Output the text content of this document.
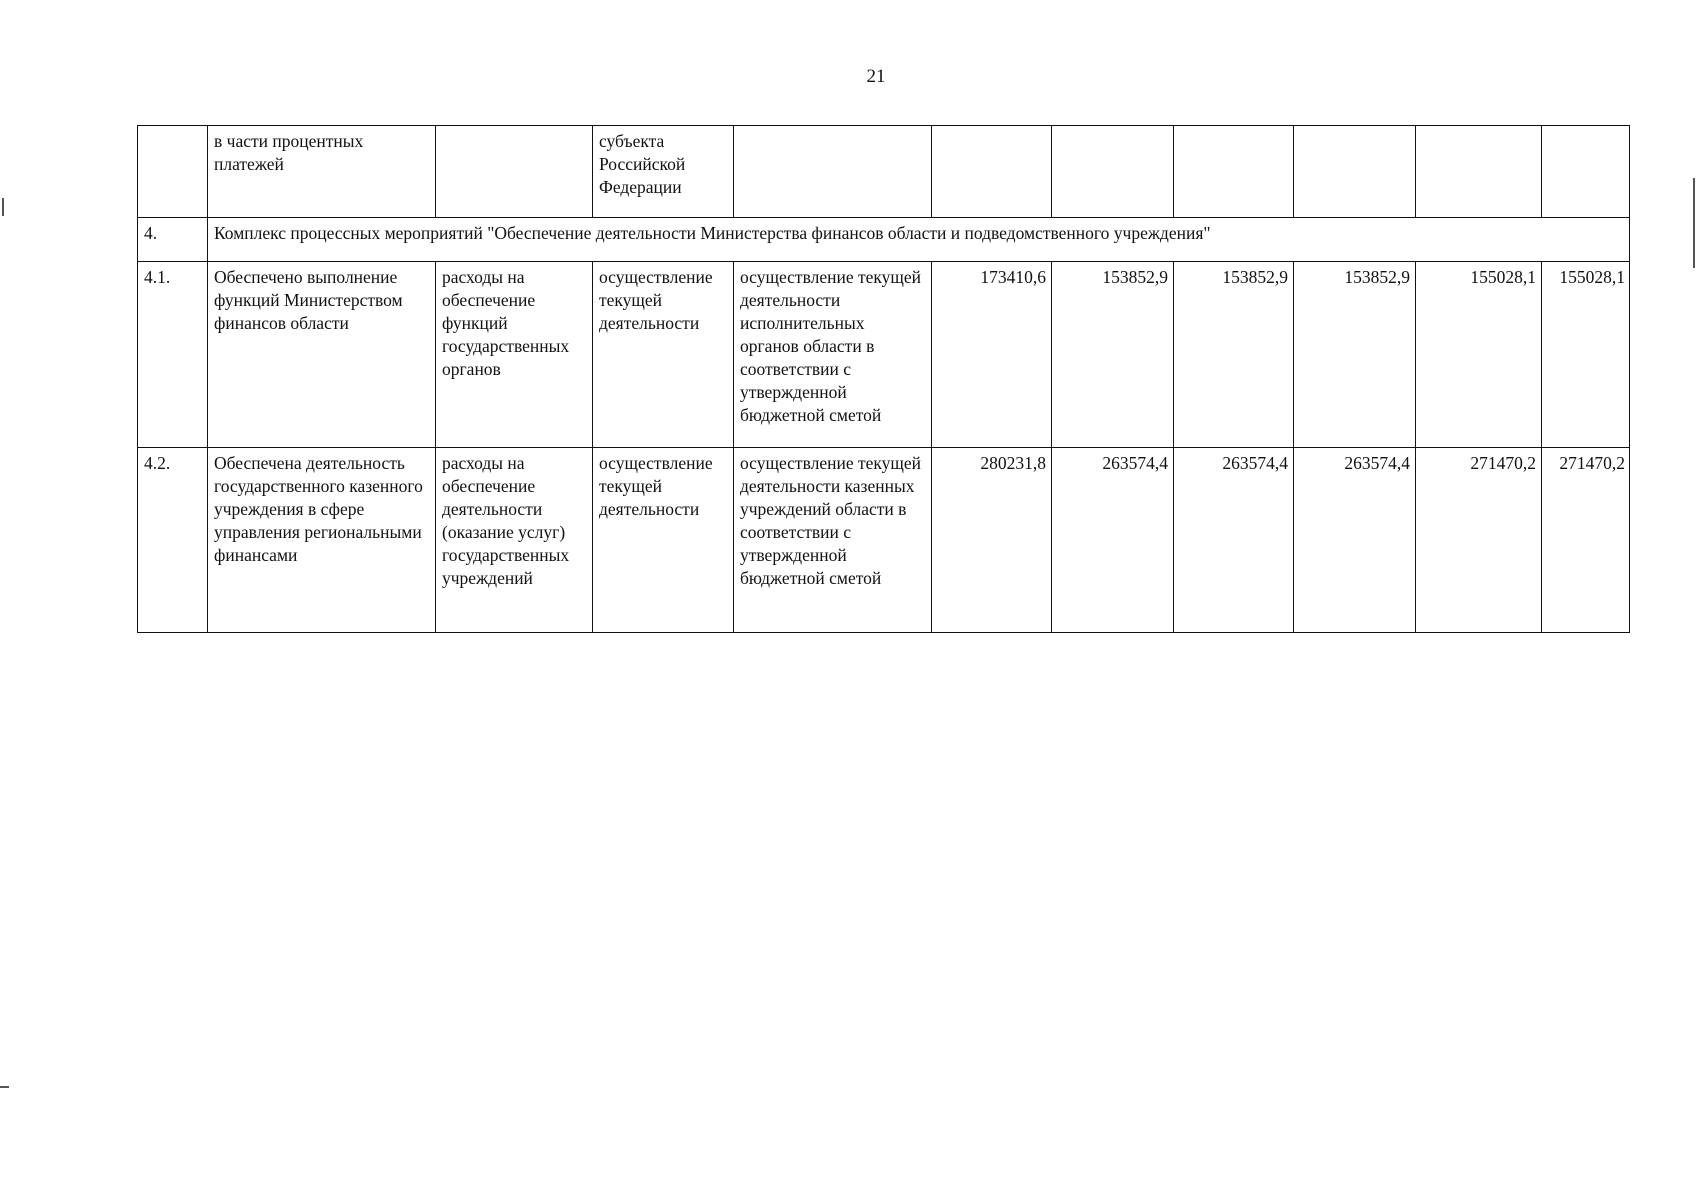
21
	в части процентных платежей		субъекта Российской Федерации							
4.	Комплекс процессных мероприятий "Обеспечение деятельности Министерства финансов области и подведомственного учреждения"									
4.1.	Обеспечено выполнение функций Министерством финансов области	расходы на обеспечение функций государственных органов	осуществление текущей деятельности	осуществление текущей деятельности исполнительных органов области в соответствии с утвержденной бюджетной сметой	173410,6	153852,9	153852,9	153852,9	155028,1	155028,1
4.2.	Обеспечена деятельность государственного казенного учреждения в сфере управления региональными финансами	расходы на обеспечение деятельности (оказание услуг) государственных учреждений	осуществление текущей деятельности	осуществление текущей деятельности казенных учреждений области в соответствии с утвержденной бюджетной сметой	280231,8	263574,4	263574,4	263574,4	271470,2	271470,2
